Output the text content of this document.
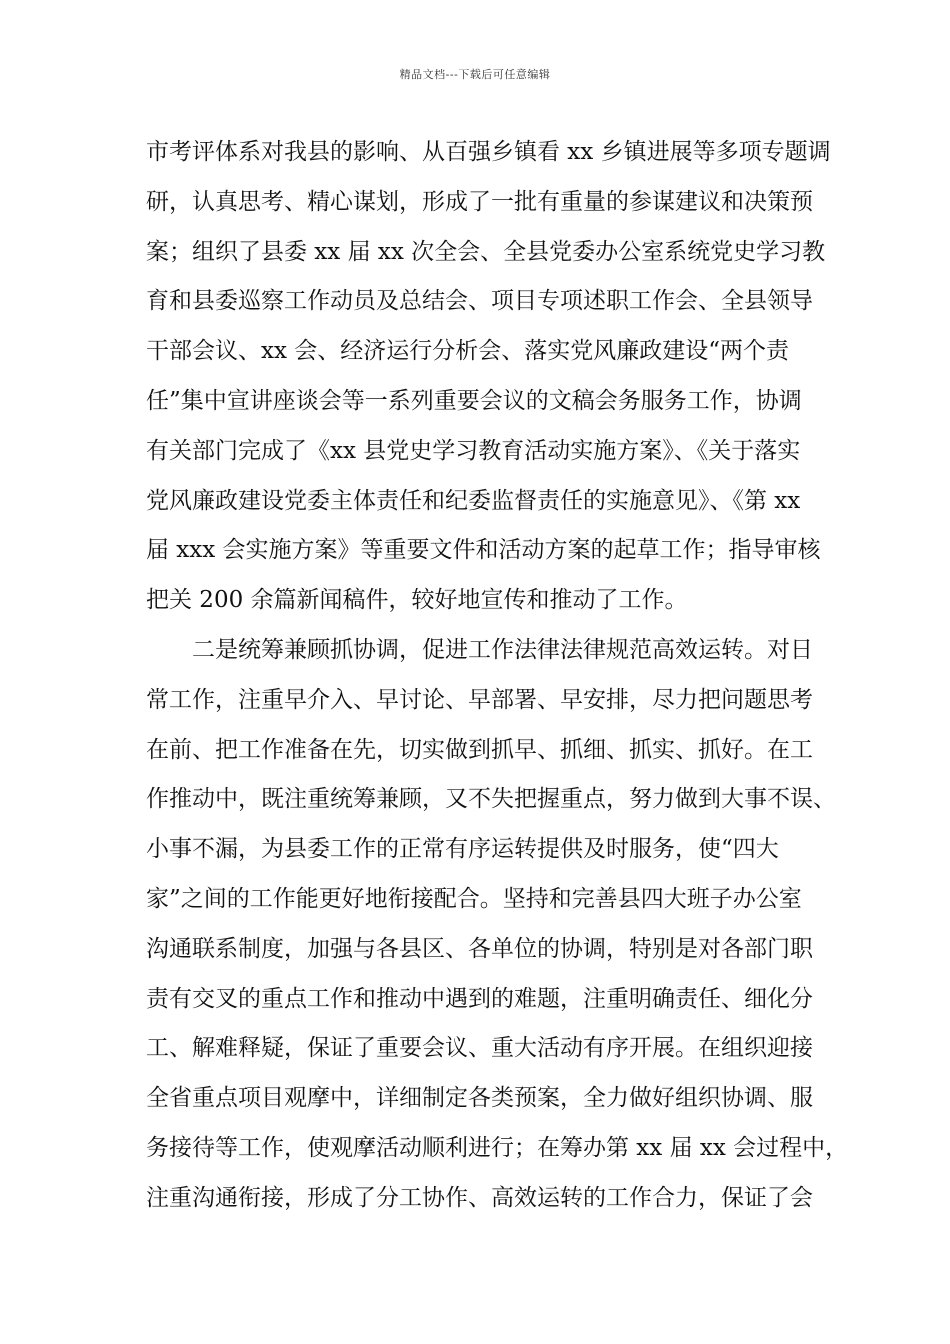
精品文档---下载后可任意编辑
市考评体系对我县的影响、从百强乡镇看 xx 乡镇进展等多项专题调
研，认真思考、精心谋划，形成了一批有重量的参谋建议和决策预
案；组织了县委 xx 届 xx 次全会、全县党委办公室系统党史学习教
育和县委巡察工作动员及总结会、项目专项述职工作会、全县领导
干部会议、xx 会、经济运行分析会、落实党风廉政建设“两个责
任”集中宣讲座谈会等一系列重要会议的文稿会务服务工作，协调
有关部门完成了《xx 县党史学习教育活动实施方案》、《关于落实
党风廉政建设党委主体责任和纪委监督责任的实施意见》、《第 xx
届 xxx 会实施方案》等重要文件和活动方案的起草工作；指导审核
把关 200 余篇新闻稿件，较好地宣传和推动了工作。
二是统筹兼顾抓协调，促进工作法律法律规范高效运转。对日
常工作，注重早介入、早讨论、早部署、早安排，尽力把问题思考
在前、把工作准备在先，切实做到抓早、抓细、抓实、抓好。在工
作推动中，既注重统筹兼顾，又不失把握重点，努力做到大事不误、
小事不漏，为县委工作的正常有序运转提供及时服务，使“四大
家”之间的工作能更好地衔接配合。坚持和完善县四大班子办公室
沟通联系制度，加强与各县区、各单位的协调，特别是对各部门职
责有交叉的重点工作和推动中遇到的难题，注重明确责任、细化分
工、解难释疑，保证了重要会议、重大活动有序开展。在组织迎接
全省重点项目观摩中，详细制定各类预案，全力做好组织协调、服
务接待等工作，使观摩活动顺利进行；在筹办第 xx 届 xx 会过程中，
注重沟通衔接，形成了分工协作、高效运转的工作合力，保证了会
